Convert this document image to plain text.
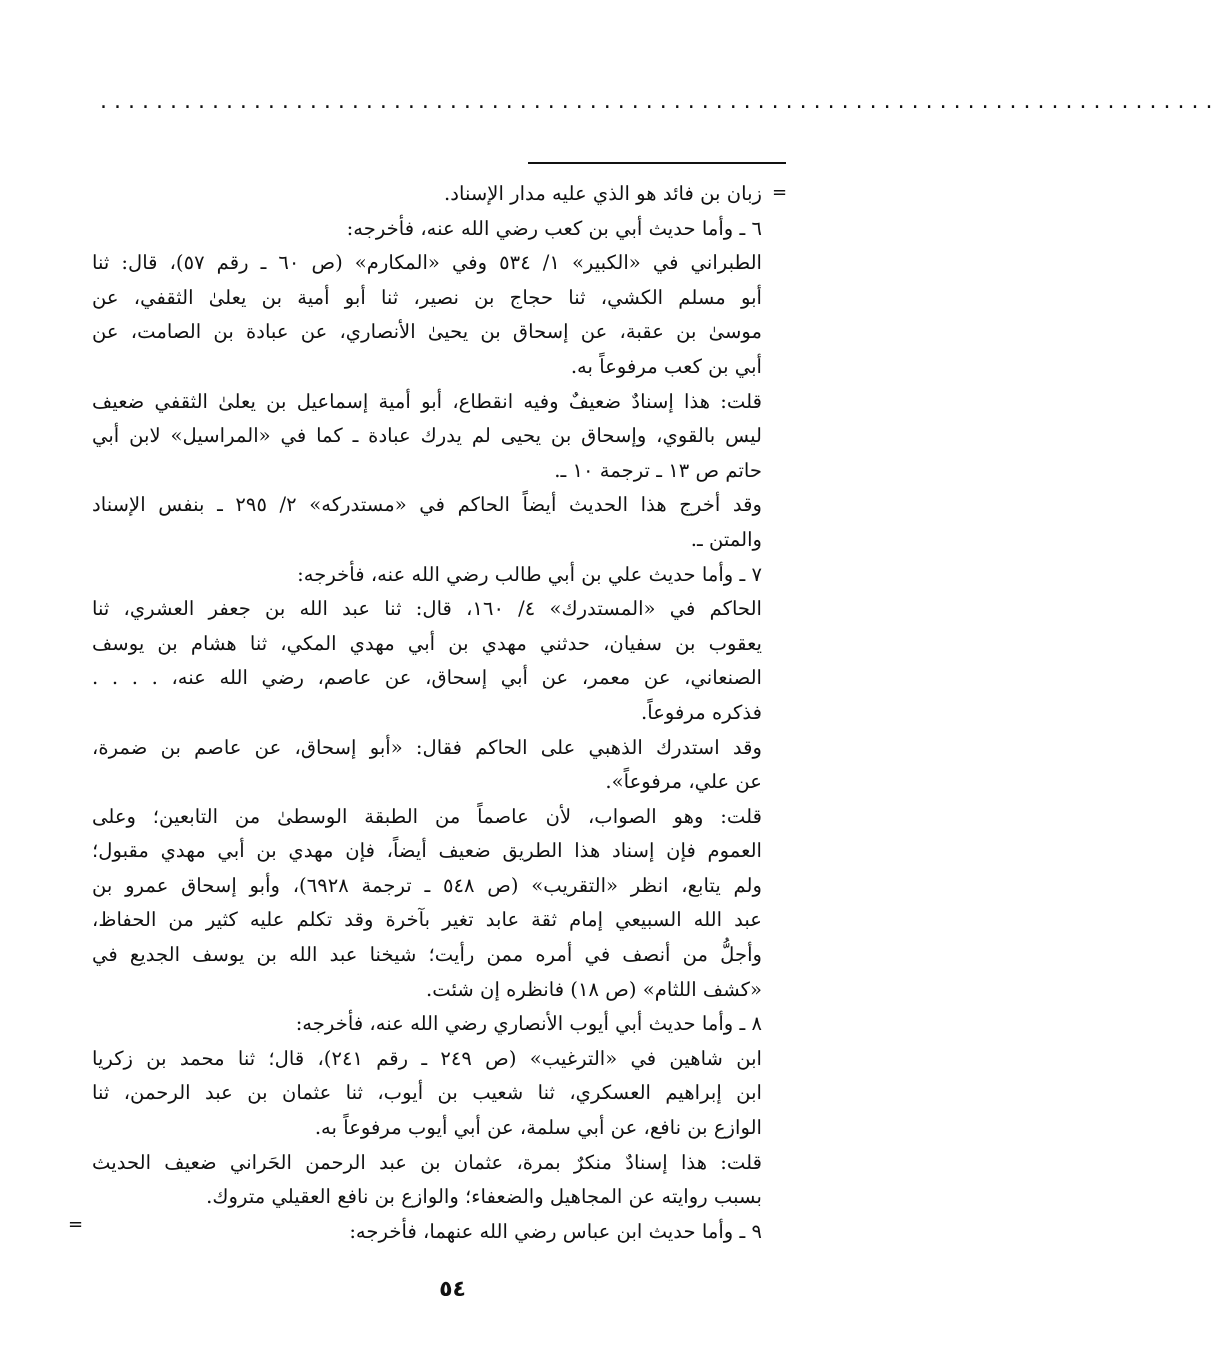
................................................................................
=
=
زبان بن فائد هو الذي عليه مدار الإسناد.
٦ ـ وأما حديث أبي بن كعب رضي الله عنه، فأخرجه:
الطبراني في «الكبير» ١/ ٥٣٤ وفي «المكارم» (ص ٦٠ ـ رقم ٥٧)، قال: ثنا
أبو مسلم الكشي، ثنا حجاج بن نصير، ثنا أبو أمية بن يعلىٰ الثقفي، عن
موسىٰ بن عقبة، عن إسحاق بن يحيىٰ الأنصاري، عن عبادة بن الصامت، عن
أبي بن كعب مرفوعاً به.
قلت: هذا إسنادٌ ضعيفٌ وفيه انقطاع، أبو أمية إسماعيل بن يعلىٰ الثقفي ضعيف
ليس بالقوي، وإسحاق بن يحيى لم يدرك عبادة ـ كما في «المراسيل» لابن أبي
حاتم ص ١٣ ـ ترجمة ١٠ ـ.
وقد أخرج هذا الحديث أيضاً الحاكم في «مستدركه» ٢/ ٢٩٥ ـ بنفس الإسناد
والمتن ـ.
٧ ـ وأما حديث علي بن أبي طالب رضي الله عنه، فأخرجه:
الحاكم في «المستدرك» ٤/ ١٦٠، قال: ثنا عبد الله بن جعفر العشري، ثنا
يعقوب بن سفيان، حدثني مهدي بن أبي مهدي المكي، ثنا هشام بن يوسف
الصنعاني، عن معمر، عن أبي إسحاق، عن عاصم، رضي الله عنه، . . . .
فذكره مرفوعاً.
وقد استدرك الذهبي على الحاكم فقال: «أبو إسحاق، عن عاصم بن ضمرة،
عن علي، مرفوعاً».
قلت: وهو الصواب، لأن عاصماً من الطبقة الوسطىٰ من التابعين؛ وعلى
العموم فإن إسناد هذا الطريق ضعيف أيضاً، فإن مهدي بن أبي مهدي مقبول؛
ولم يتابع، انظر «التقريب» (ص ٥٤٨ ـ ترجمة ٦٩٢٨)، وأبو إسحاق عمرو بن
عبد الله السبيعي إمام ثقة عابد تغير بآخرة وقد تكلم عليه كثير من الحفاظ،
وأجلُّ من أنصف في أمره ممن رأيت؛ شيخنا عبد الله بن يوسف الجديع في
«كشف اللثام» (ص ١٨) فانظره إن شئت.
٨ ـ وأما حديث أبي أيوب الأنصاري رضي الله عنه، فأخرجه:
ابن شاهين في «الترغيب» (ص ٢٤٩ ـ رقم ٢٤١)، قال؛ ثنا محمد بن زكريا
ابن إبراهيم العسكري، ثنا شعيب بن أيوب، ثنا عثمان بن عبد الرحمن، ثنا
الوازع بن نافع، عن أبي سلمة، عن أبي أيوب مرفوعاً به.
قلت: هذا إسنادٌ منكرٌ بمرة، عثمان بن عبد الرحمن الحَراني ضعيف الحديث
بسبب روايته عن المجاهيل والضعفاء؛ والوازع بن نافع العقيلي متروك.
٩ ـ وأما حديث ابن عباس رضي الله عنهما، فأخرجه:
٥٤
